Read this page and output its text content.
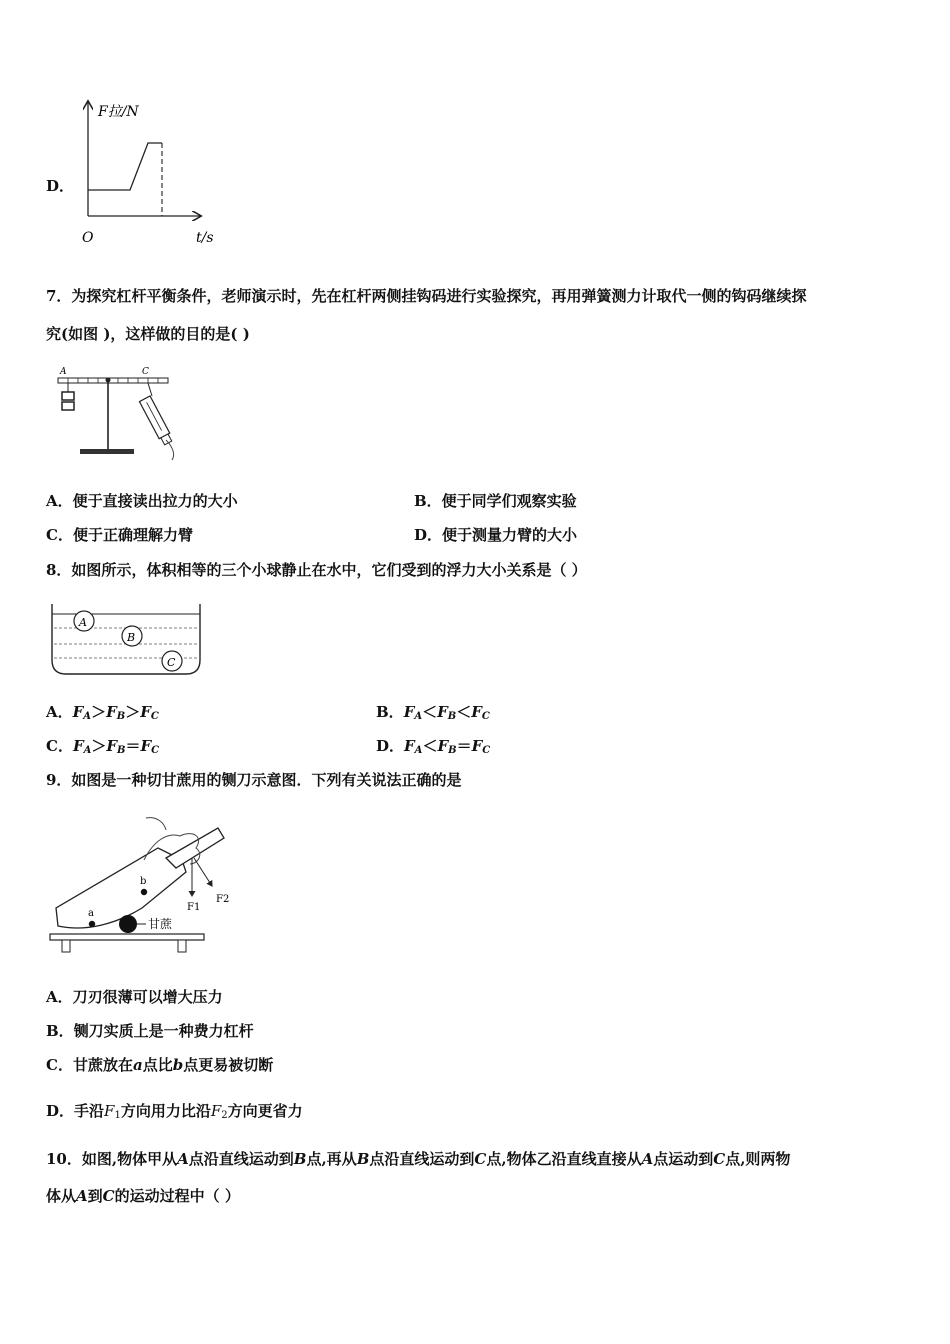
D．
F拉/N
O	t/s
7．为探究杠杆平衡条件，老师演示时，先在杠杆两侧挂钩码进行实验探究，再用弹簧测力计取代一侧的钩码继续探
究(如图 )，这样做的目的是( )
A	C
A．便于直接读出拉力的大小	B．便于同学们观察实验
C．便于正确理解力臂	D．便于测量力臂的大小
8．如图所示，体积相等的三个小球静止在水中，它们受到的浮力大小关系是（ ）
A
B
C
A．$F_A>F_B>F_C$	B．$F_A<F_B<F_C$
C．$F_A>F_B=F_C$	D．$F_A<F_B=F_C$
9．如图是一种切甘蔗用的铡刀示意图．下列有关说法正确的是
a
b
F1
F2
甘蔗
A．刀刃很薄可以增大压力
B．铡刀实质上是一种费力杠杆
C．甘蔗放在a点比b点更易被切断
D．手沿$F_1$方向用力比沿$F_2$方向更省力
10．如图,物体甲从A点沿直线运动到B点,再从B点沿直线运动到C点,物体乙沿直线直接从A点运动到C点,则两物
体从A到C的运动过程中（ ）
